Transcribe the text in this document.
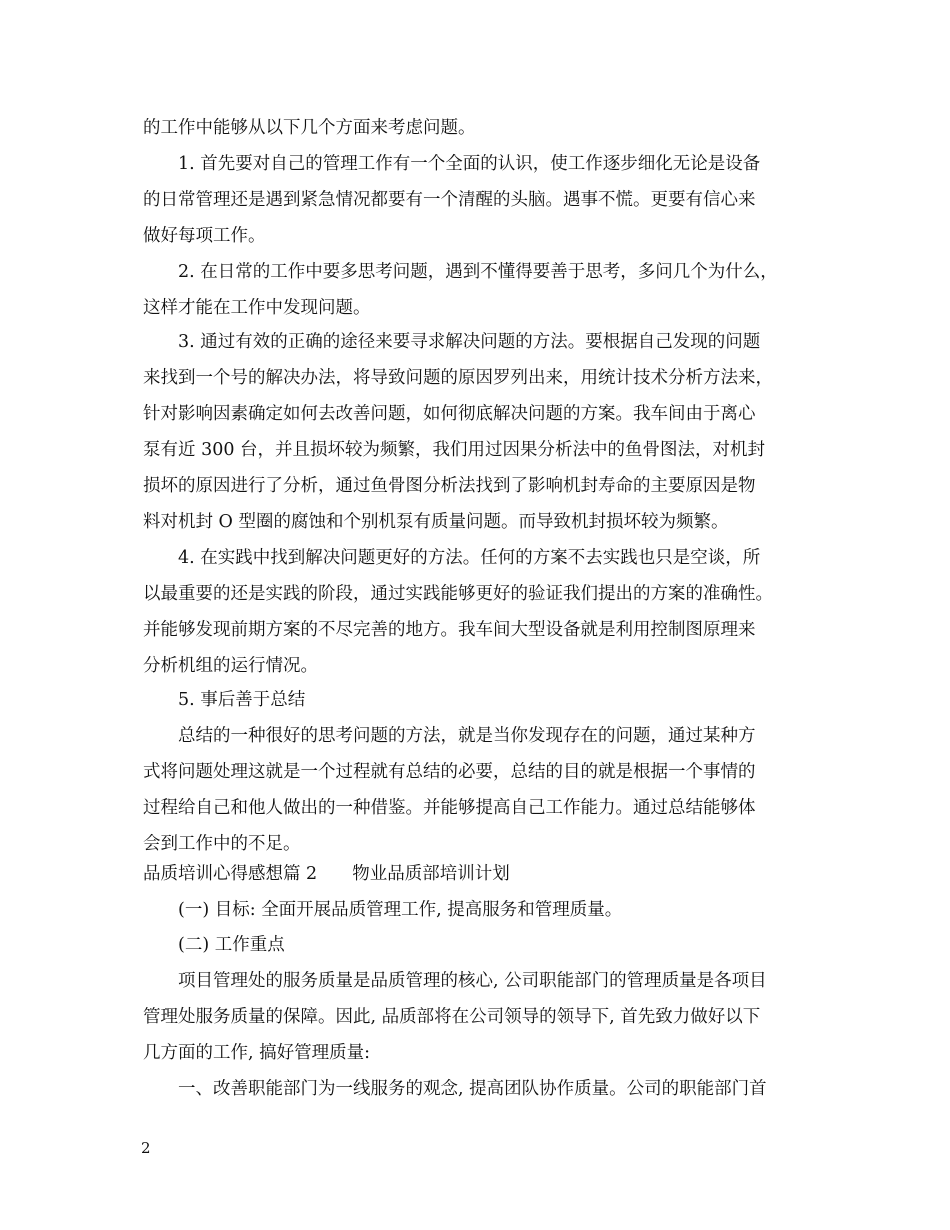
的工作中能够从以下几个方面来考虑问题。
1. 首先要对自己的管理工作有一个全面的认识，使工作逐步细化无论是设备
的日常管理还是遇到紧急情况都要有一个清醒的头脑。遇事不慌。更要有信心来
做好每项工作。
2. 在日常的工作中要多思考问题，遇到不懂得要善于思考，多问几个为什么，
这样才能在工作中发现问题。
3. 通过有效的正确的途径来要寻求解决问题的方法。要根据自己发现的问题
来找到一个号的解决办法，将导致问题的原因罗列出来，用统计技术分析方法来，
针对影响因素确定如何去改善问题，如何彻底解决问题的方案。我车间由于离心
泵有近 300 台，并且损坏较为频繁，我们用过因果分析法中的鱼骨图法，对机封
损坏的原因进行了分析，通过鱼骨图分析法找到了影响机封寿命的主要原因是物
料对机封 O 型圈的腐蚀和个别机泵有质量问题。而导致机封损坏较为频繁。
4. 在实践中找到解决问题更好的方法。任何的方案不去实践也只是空谈，所
以最重要的还是实践的阶段，通过实践能够更好的验证我们提出的方案的准确性。
并能够发现前期方案的不尽完善的地方。我车间大型设备就是利用控制图原理来
分析机组的运行情况。
5. 事后善于总结
总结的一种很好的思考问题的方法，就是当你发现存在的问题，通过某种方
式将问题处理这就是一个过程就有总结的必要，总结的目的就是根据一个事情的
过程给自己和他人做出的一种借鉴。并能够提高自己工作能力。通过总结能够体
会到工作中的不足。
品质培训心得感想篇 2　　物业品质部培训计划
(一) 目标: 全面开展品质管理工作, 提高服务和管理质量。
(二) 工作重点
项目管理处的服务质量是品质管理的核心, 公司职能部门的管理质量是各项目
管理处服务质量的保障。因此, 品质部将在公司领导的领导下, 首先致力做好以下
几方面的工作, 搞好管理质量:
一、改善职能部门为一线服务的观念, 提高团队协作质量。公司的职能部门首
2
